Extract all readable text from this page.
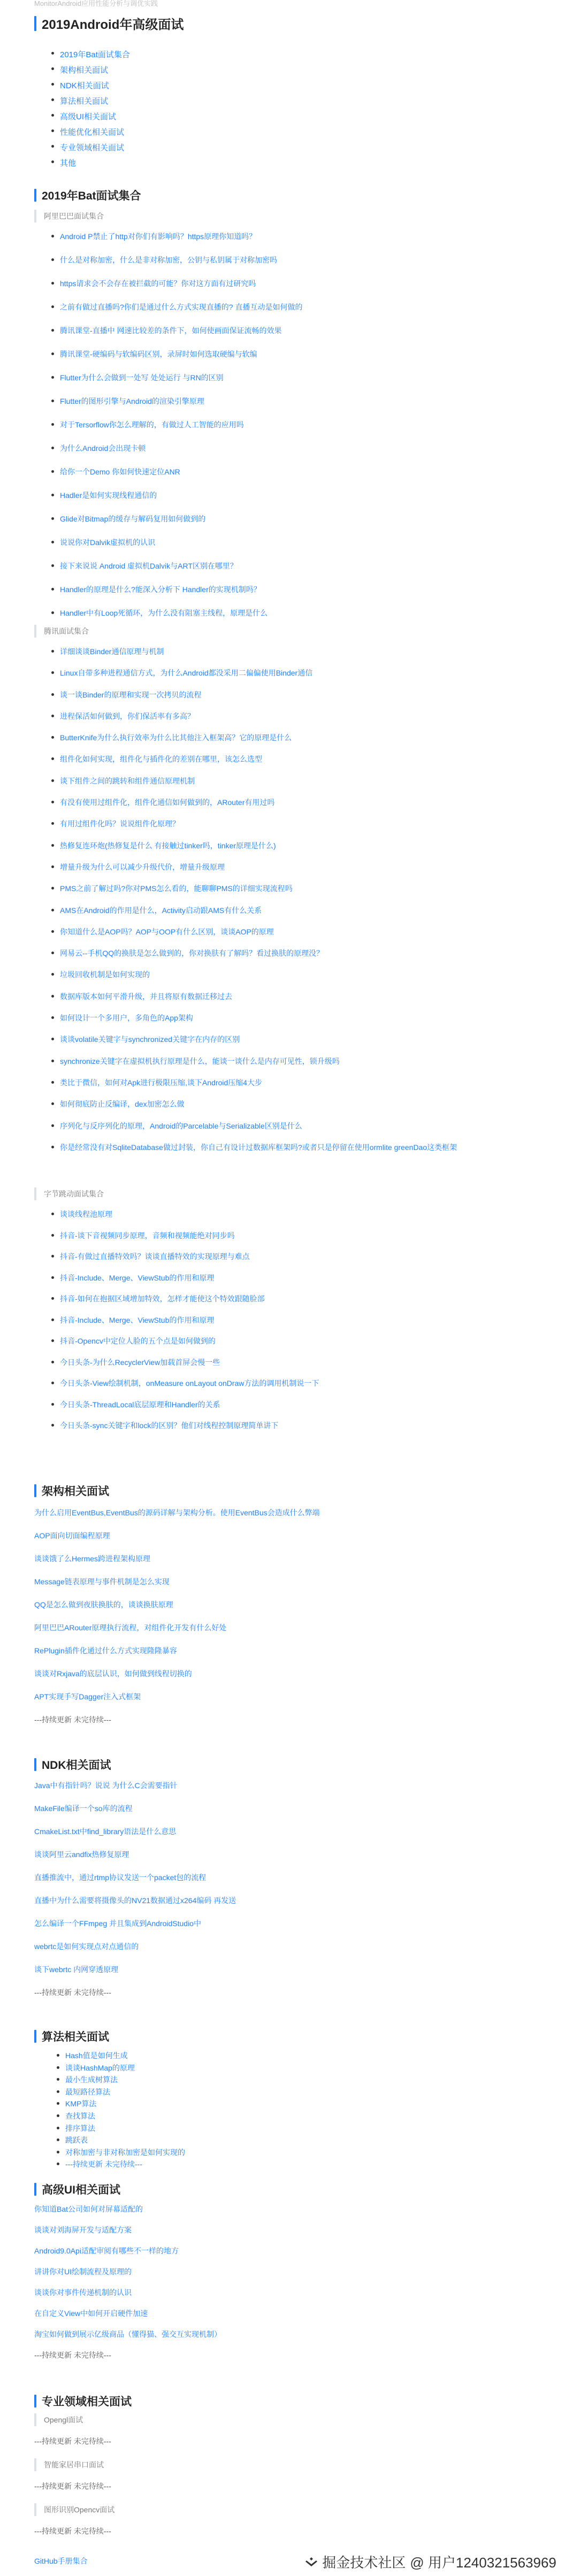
MonitorAndroid应用性能分析与调优实践
2019Android年高级面试
2019年Bat面试集合
架构相关面试
NDK相关面试
算法相关面试
高级UI相关面试
性能优化相关面试
专业领域相关面试
其他
2019年Bat面试集合
阿里巴巴面试集合
Android P禁止了http对你们有影响吗？https原理你知道吗？
什么是对称加密，什么是非对称加密，公钥与私钥属于对称加密吗
https请求会不会存在被拦截的可能？你对这方面有过研究吗
之前有做过直播吗?你们是通过什么方式实现直播的? 直播互动是如何做的
腾讯课堂-直播中 网速比较差的条件下，如何使画面保证流畅的效果
腾讯课堂-硬编码与软编码区别，录屏时如何选取硬编与软编
Flutter为什么会做到一处写 处处运行 与RN的区别
Flutter的图形引擎与Android的渲染引擎原理
对于Tersorflow你怎么理解的，有做过人工智能的应用吗
为什么Android会出现卡顿
给你一个Demo 你如何快速定位ANR
Hadler是如何实现线程通信的
Glide对Bitmap的缓存与解码复用如何做到的
说说你对Dalvik虚拟机的认识
接下来说说 Android 虚拟机Dalvik与ART区别在哪里？
Handler的原理是什么?能深入分析下 Handler的实现机制吗？
Handler中有Loop死循环，为什么没有阻塞主线程，原理是什么
腾讯面试集合
详细谈谈Binder通信原理与机制
Linux自带多种进程通信方式，为什么Android都没采用二偏偏使用Binder通信
谈一谈Binder的原理和实现一次拷贝的流程
进程保活如何做到，你们保活率有多高？
ButterKnife为什么执行效率为什么比其他注入框架高？它的原理是什么
组件化如何实现，组件化与插件化的差别在哪里，该怎么选型
谈下组件之间的跳转和组件通信原理机制
有没有使用过组件化，组件化通信如何做到的，ARouter有用过吗
有用过组件化吗？说说组件化原理？
热修复连环炮(热修复是什么 有接触过tinker吗，tinker原理是什么)
增量升级为什么可以减少升级代价，增量升级原理
PMS之前了解过吗?你对PMS怎么看的，能聊聊PMS的详细实现流程吗
AMS在Android的作用是什么，Activity启动跟AMS有什么关系
你知道什么是AOP吗？AOP与OOP有什么区别，谈谈AOP的原理
网易云--手机QQ的换肤是怎么做到的，你对换肤有了解吗？看过换肤的原理没？
垃圾回收机制是如何实现的
数据库版本如何平滑升级，并且将原有数据迁移过去
如何设计一个多用户，多角色的App架构
谈谈volatile关键字与synchronized关键字在内存的区别
synchronize关键字在虚拟机执行原理是什么，能谈一谈什么是内存可见性，锁升级吗
类比于微信，如何对Apk进行极限压缩,谈下Android压缩4大步
如何彻底防止反编译，dex加密怎么做
序列化与反序列化的原理，Android的Parcelable与Serializable区别是什么
你是经常没有对SqliteDatabase做过封装，你自己有设计过数据库框架吗?或者只是停留在使用ormlite greenDao这类框架
字节跳动面试集合
谈谈线程池原理
抖音-谈下音视频同步原理，音频和视频能绝对同步吗
抖音-有做过直播特效吗？谈谈直播特效的实现原理与难点
抖音-Include、Merge、ViewStub的作用和原理
抖音-如何在抱据区域增加特效，怎样才能使这个特效跟随脸部
抖音-Include、Merge、ViewStub的作用和原理
抖音-Opencv中定位人脸的五个点是如何做到的
今日头条-为什么RecyclerView加载首屏会慢一些
今日头条-View绘制机制，onMeasure onLayout onDraw方法的调用机制说一下
今日头条-ThreadLocal底层原理和Handler的关系
今日头条-sync关键字和lock的区别？他们对线程控制原理简单讲下
架构相关面试
为什么启用EventBus,EventBus的源码详解与架构分析。使用EventBus会造成什么弊端
AOP面向切面编程原理
谈谈饿了么Hermes跨进程架构原理
Message链表原理与事件机制是怎么实现
QQ是怎么做到夜肤换肤的，谈谈换肤原理
阿里巴巴ARouter原理执行流程，对组件化开发有什么好处
RePlugin插件化通过什么方式实现隆隆暴容
谈谈对Rxjava的底层认识，如何做到线程切换的
APT实现手写Dagger注入式框架
---持续更新 未完待续---
NDK相关面试
Java中有指针吗？说说 为什么C会需要指针
MakeFile编译一个so库的流程
CmakeList.txt中find_library语法是什么意思
谈谈阿里云andfix热修复原理
直播推流中，通过rtmp协议发送一个packet包的流程
直播中为什么需要将摄像头的NV21数据通过x264编码 再发送
怎么编译一个FFmpeg 并且集成到AndroidStudio中
webrtc是如何实现点对点通信的
谈下webrtc 内网穿透原理
---持续更新 未完待续---
算法相关面试
Hash值是如何生成
谈谈HashMap的原理
最小生成树算法
最短路径算法
KMP算法
查找算法
排序算法
跳跃表
对称加密与非对称加密是如何实现的
---持续更新 未完待续---
高级UI相关面试
你知道Bat公司如何对屏幕适配的
谈谈对刘海屏开发与适配方案
Android9.0Api适配审阅有哪些不一样的地方
讲讲你对UI绘制流程及原理的
谈谈你对事件传递机制的认识
在自定义View中如何开启硬件加速
淘宝如何做到展示亿级商品（懂得猫、强交互实现机制）
---持续更新 未完待续---
专业领域相关面试
Opengl面试
---持续更新 未完待续---
智能家居串口面试
---持续更新 未完待续---
图形识别Opencv面试
---持续更新 未完待续---
GitHub手册集合	掘金技术社区 @ 用户1240321563969
